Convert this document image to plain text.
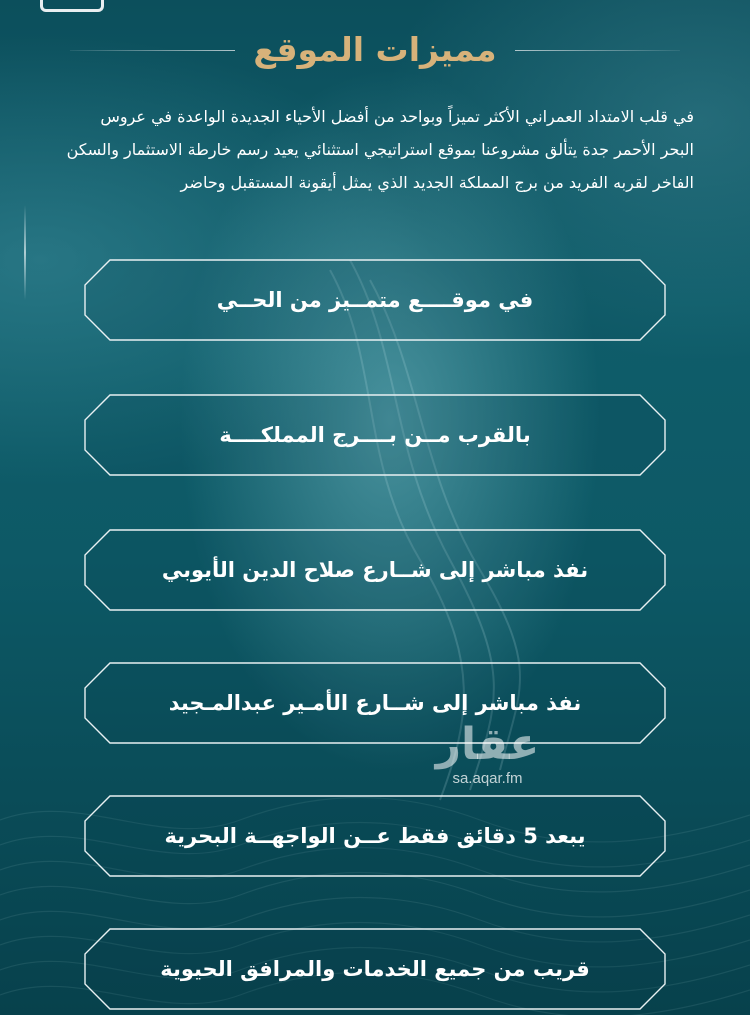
مميزات الموقع
في قلب الامتداد العمراني الأكثر تميزاً وبواحد من أفضل الأحياء الجديدة الواعدة في عروس البحر الأحمر جدة يتألق مشروعنا بموقع استراتيجي استثنائي يعيد رسم خارطة الاستثمار والسكن الفاخر لقربه الفريد من برج المملكة الجديد الذي يمثل أيقونة المستقبل وحاضر
في موقــــع متمــيز من الحــي
بالقرب مــن بــــرج المملكــــة
نفذ مباشر إلى شــارع صلاح الدين الأيوبي
نفذ مباشر إلى شــارع الأمـير عبدالمـجيد
يبعد 5 دقائق فقط عــن الواجهــة البحرية
قريب من جميع الخدمات والمرافق الحيوية
عقار
sa.aqar.fm
